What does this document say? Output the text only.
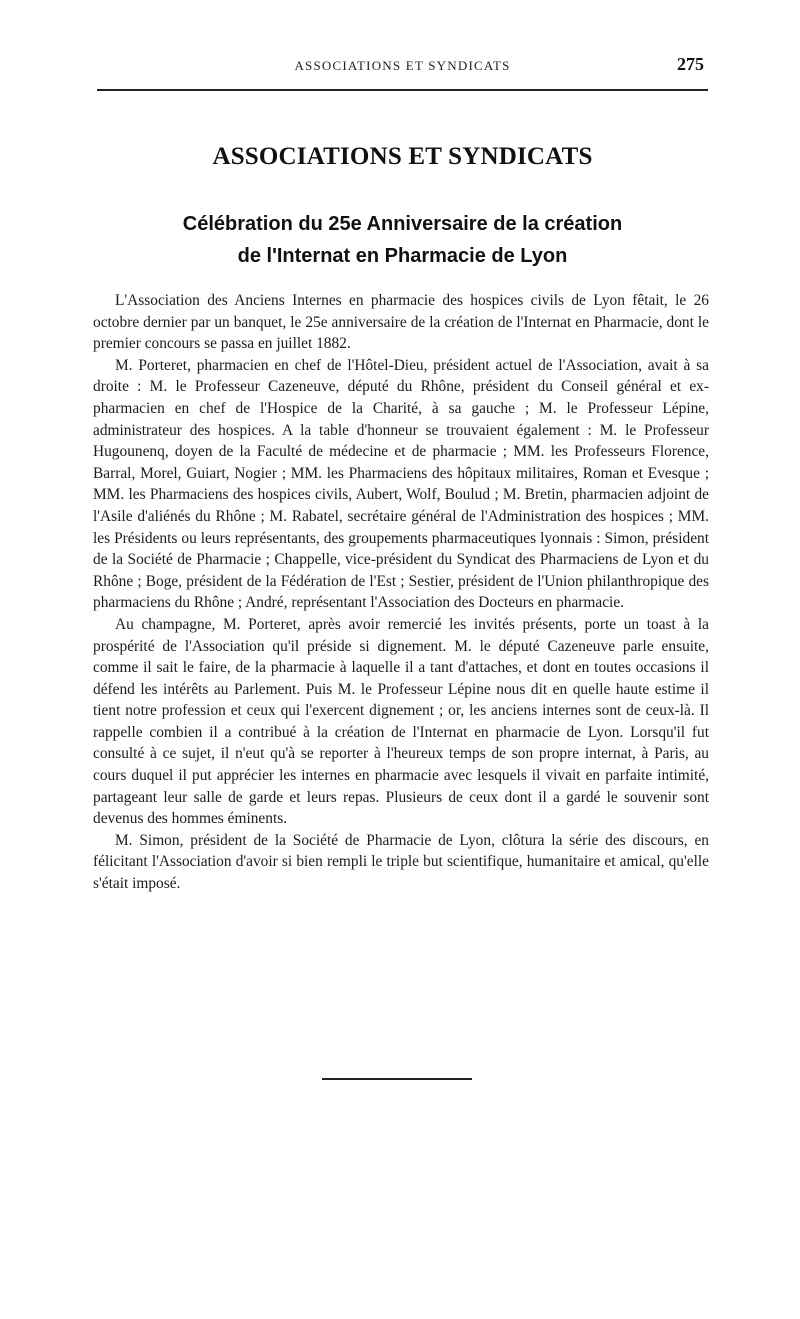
ASSOCIATIONS ET SYNDICATS	275
ASSOCIATIONS ET SYNDICATS
Célébration du 25e Anniversaire de la création
de l'Internat en Pharmacie de Lyon

L'Association des Anciens Internes en pharmacie des hospices civils de Lyon fêtait, le 26 octobre dernier par un banquet, le 25e anniversaire de la création de l'Internat en Pharmacie, dont le premier concours se passa en juillet 1882.

M. Porteret, pharmacien en chef de l'Hôtel-Dieu, président actuel de l'Association, avait à sa droite : M. le Professeur Cazeneuve, député du Rhône, président du Conseil général et ex-pharmacien en chef de l'Hospice de la Charité, à sa gauche ; M. le Professeur Lépine, administrateur des hospices. A la table d'honneur se trouvaient également : M. le Professeur Hugounenq, doyen de la Faculté de médecine et de pharmacie ; MM. les Professeurs Florence, Barral, Morel, Guiart, Nogier ; MM. les Pharmaciens des hôpitaux militaires, Roman et Evesque ; MM. les Pharmaciens des hospices civils, Aubert, Wolf, Boulud ; M. Bretin, pharmacien adjoint de l'Asile d'aliénés du Rhône ; M. Rabatel, secrétaire général de l'Administration des hospices ; MM. les Présidents ou leurs représentants, des groupements pharmaceutiques lyonnais : Simon, président de la Société de Pharmacie ; Chappelle, vice-président du Syndicat des Pharmaciens de Lyon et du Rhône ; Boge, président de la Fédération de l'Est ; Sestier, président de l'Union philanthropique des pharmaciens du Rhône ; André, représentant l'Association des Docteurs en pharmacie.

Au champagne, M. Porteret, après avoir remercié les invités présents, porte un toast à la prospérité de l'Association qu'il préside si dignement. M. le député Cazeneuve parle ensuite, comme il sait le faire, de la pharmacie à laquelle il a tant d'attaches, et dont en toutes occasions il défend les intérêts au Parlement. Puis M. le Professeur Lépine nous dit en quelle haute estime il tient notre profession et ceux qui l'exercent dignement ; or, les anciens internes sont de ceux-là. Il rappelle combien il a contribué à la création de l'Internat en pharmacie de Lyon. Lorsqu'il fut consulté à ce sujet, il n'eut qu'à se reporter à l'heureux temps de son propre internat, à Paris, au cours duquel il put apprécier les internes en pharmacie avec lesquels il vivait en parfaite intimité, partageant leur salle de garde et leurs repas. Plusieurs de ceux dont il a gardé le souvenir sont devenus des hommes éminents.

M. Simon, président de la Société de Pharmacie de Lyon, clôtura la série des discours, en félicitant l'Association d'avoir si bien rempli le triple but scientifique, humanitaire et amical, qu'elle s'était imposé.
